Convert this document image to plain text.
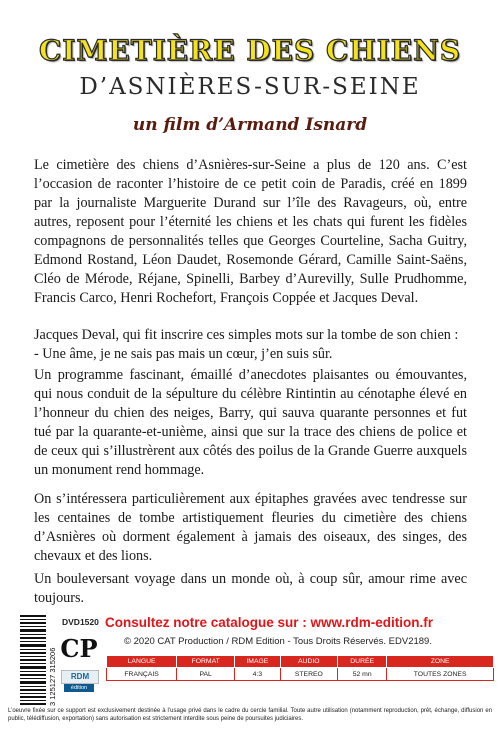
CIMETIÈRE DES CHIENS
D’ASNIÈRES-SUR-SEINE
un film d’Armand Isnard
Le cimetière des chiens d’Asnières-sur-Seine a plus de 120 ans. C’est l’occasion de raconter l’histoire de ce petit coin de Paradis, créé en 1899 par la journaliste Marguerite Durand sur l’île des Ravageurs, où, entre autres, reposent pour l’éternité les chiens et les chats qui furent les fidèles compagnons de personnalités telles que Georges Courteline, Sacha Guitry, Edmond Rostand, Léon Daudet, Rosemonde Gérard, Camille Saint-Saëns, Cléo de Mérode, Réjane, Spinelli, Barbey d’Aurevilly, Sulle Prudhomme, Francis Carco, Henri Rochefort, François Coppée et Jacques Deval.
Jacques Deval, qui fit inscrire ces simples mots sur la tombe de son chien :
- Une âme, je ne sais pas mais un cœur, j’en suis sûr.
Un programme fascinant, émaillé d’anecdotes plaisantes ou émouvantes, qui nous conduit de la sépulture du célèbre Rintintin au cénotaphe élevé en l’honneur du chien des neiges, Barry, qui sauva quarante personnes et fut tué par la quarante-et-unième, ainsi que sur la trace des chiens de police et de ceux qui s’illustrèrent aux côtés des poilus de la Grande Guerre auxquels un monument rend hommage.
On s’intéressera particulièrement aux épitaphes gravées avec tendresse sur les centaines de tombe artistiquement fleuries du cimetière des chiens d’Asnières où dorment également à jamais des oiseaux, des singes, des chevaux et des lions.
Un bouleversant voyage dans un monde où, à coup sûr, amour rime avec toujours.
3 125127 315206
DVD1520
CP
RDM
édition
Consultez notre catalogue sur : www.rdm-edition.fr
© 2020 CAT Production / RDM Edition - Tous Droits Réservés. EDV2189.
LANGUE	FORMAT	IMAGE	AUDIO	DURÉE	ZONE
FRANÇAIS	PAL	4:3	STEREO	52 mn	TOUTES ZONES
L’oeuvre fixée sur ce support est exclusivement destinée à l’usage privé dans le cadre du cercle familial. Toute autre utilisation (notamment reproduction, prêt, échange, diffusion en public, télédiffusion, exportation) sans autorisation est strictement interdite sous peine de poursuites judiciaires.
